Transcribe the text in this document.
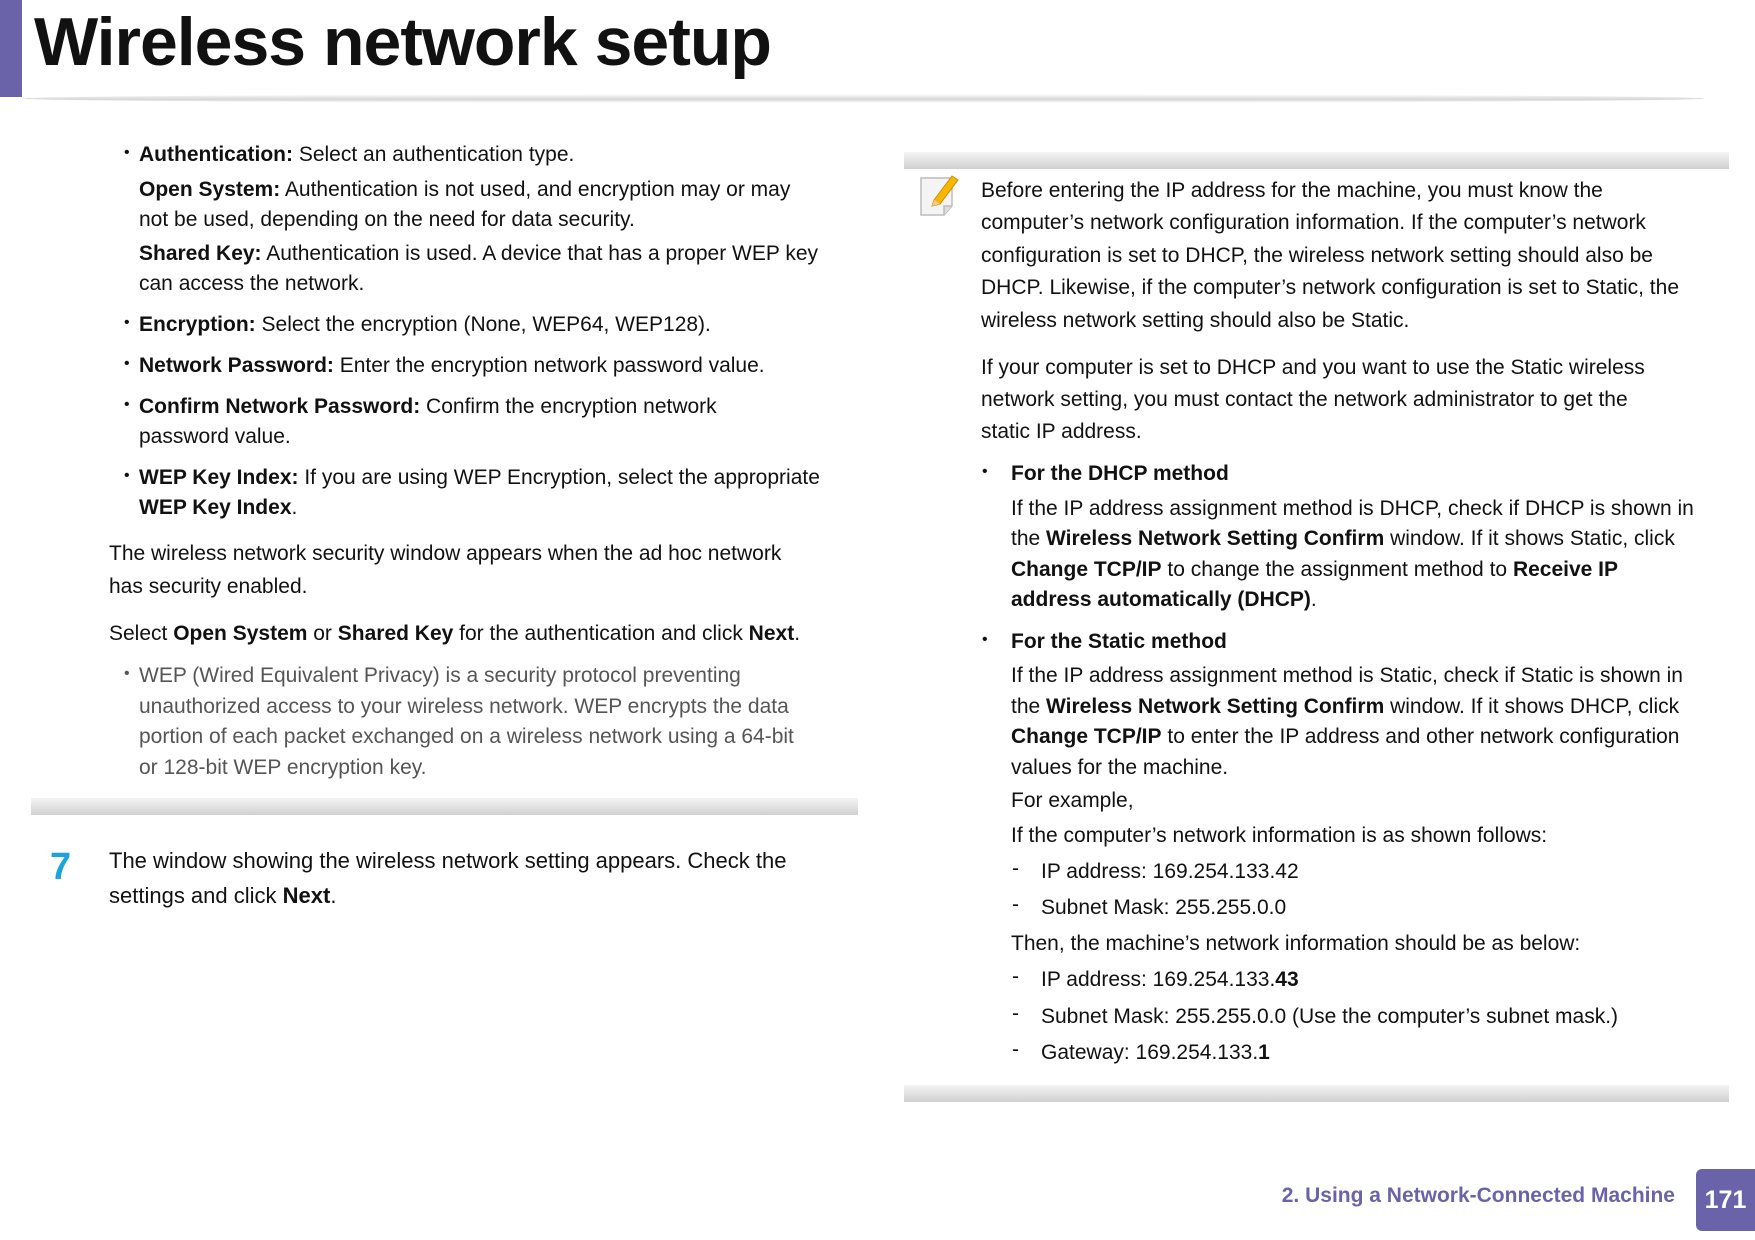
Wireless network setup
• Authentication: Select an authentication type.
Open System: Authentication is not used, and encryption may or may
not be used, depending on the need for data security.
Shared Key: Authentication is used. A device that has a proper WEP key
can access the network.
• Encryption: Select the encryption (None, WEP64, WEP128).
• Network Password: Enter the encryption network password value.
• Confirm Network Password: Confirm the encryption network
password value.
• WEP Key Index: If you are using WEP Encryption, select the appropriate
WEP Key Index.
The wireless network security window appears when the ad hoc network
has security enabled.
Select Open System or Shared Key for the authentication and click Next.
• WEP (Wired Equivalent Privacy) is a security protocol preventing
unauthorized access to your wireless network. WEP encrypts the data
portion of each packet exchanged on a wireless network using a 64-bit
or 128-bit WEP encryption key.
7 The window showing the wireless network setting appears. Check the
settings and click Next.
Before entering the IP address for the machine, you must know the
computer’s network configuration information. If the computer’s network
configuration is set to DHCP, the wireless network setting should also be
DHCP. Likewise, if the computer’s network configuration is set to Static, the
wireless network setting should also be Static.
If your computer is set to DHCP and you want to use the Static wireless
network setting, you must contact the network administrator to get the
static IP address.
• For the DHCP method
If the IP address assignment method is DHCP, check if DHCP is shown in
the Wireless Network Setting Confirm window. If it shows Static, click
Change TCP/IP to change the assignment method to Receive IP
address automatically (DHCP).
• For the Static method
If the IP address assignment method is Static, check if Static is shown in
the Wireless Network Setting Confirm window. If it shows DHCP, click
Change TCP/IP to enter the IP address and other network configuration
values for the machine.
For example,
If the computer’s network information is as shown follows:
-
-
IP address: 169.254.133.42
Subnet Mask: 255.255.0.0
Then, the machine’s network information should be as below:
-
-
-
IP address: 169.254.133.43
Subnet Mask: 255.255.0.0 (Use the computer’s subnet mask.)
Gateway: 169.254.133.1
2. Using a Network-Connected Machine	171
